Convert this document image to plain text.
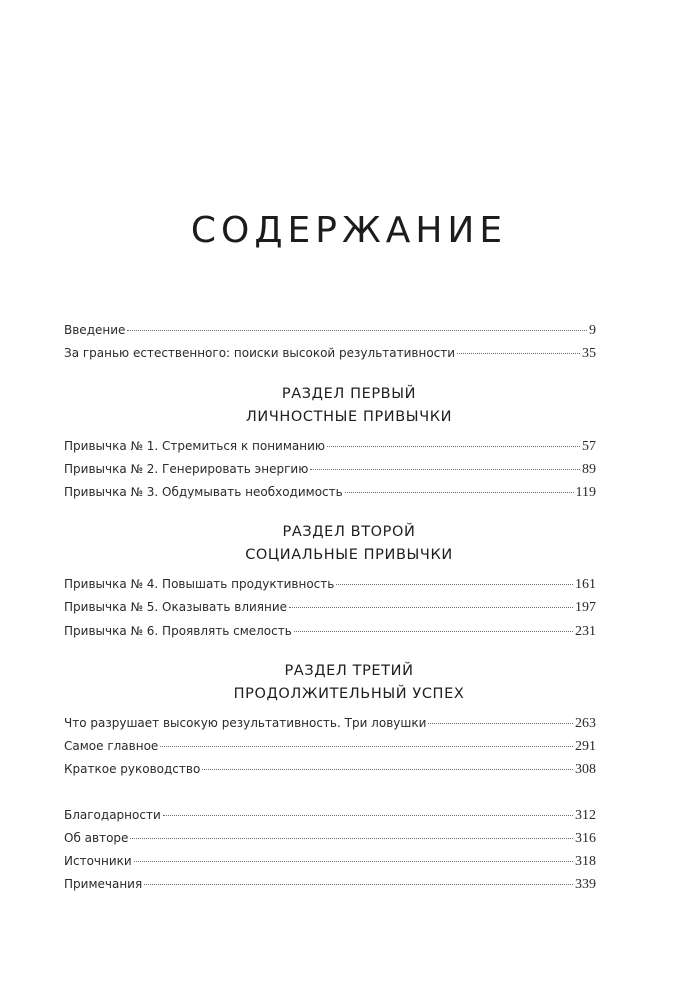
СОДЕРЖАНИЕ
Введение	9
За гранью естественного: поиски высокой результативности	35
Привычка № 1. Стремиться к пониманию	57
Привычка № 2. Генерировать энергию	89
Привычка № 3. Обдумывать необходимость	119
Привычка № 4. Повышать продуктивность	161
Привычка № 5. Оказывать влияние	197
Привычка № 6. Проявлять смелость	231
Что разрушает высокую результативность. Три ловушки	263
Самое главное	291
Краткое руководство	308
Благодарности	312
Об авторе	316
Источники	318
Примечания	339
РАЗДЕЛ ПЕРВЫЙ
ЛИЧНОСТНЫЕ ПРИВЫЧКИ
РАЗДЕЛ ВТОРОЙ
СОЦИАЛЬНЫЕ ПРИВЫЧКИ
РАЗДЕЛ ТРЕТИЙ
ПРОДОЛЖИТЕЛЬНЫЙ УСПЕХ
